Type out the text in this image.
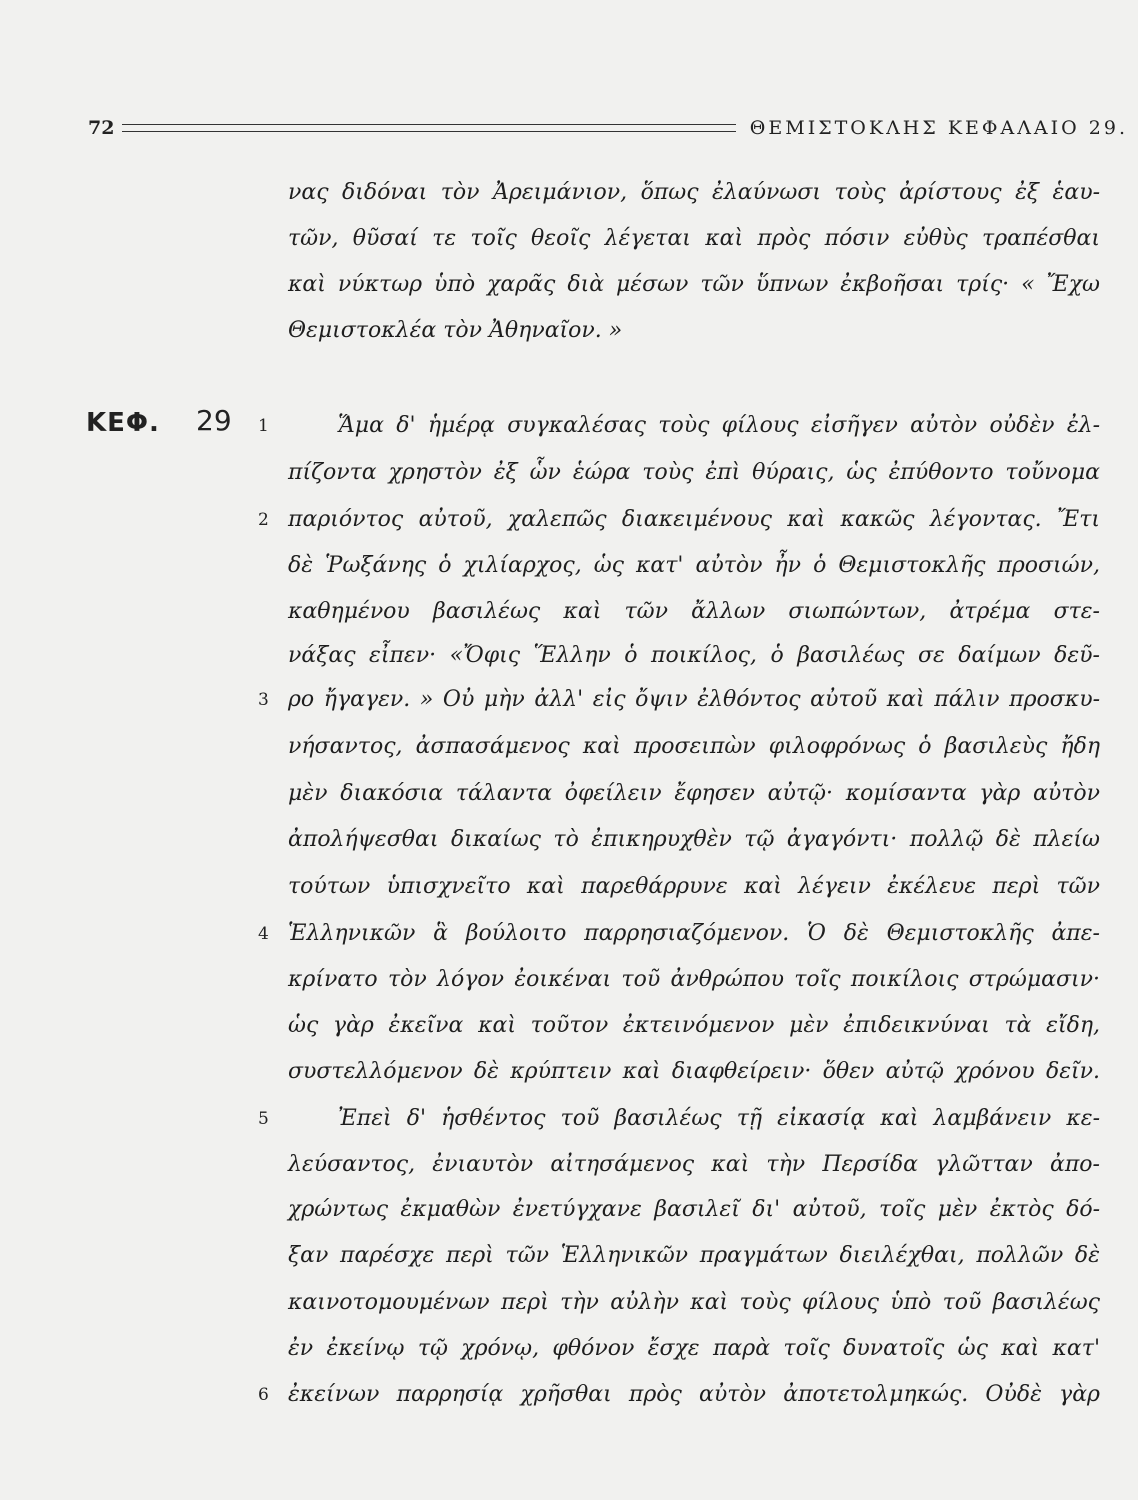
72	ΘΕΜΙΣΤΟΚΛΗΣ ΚΕΦΑΛΑΙΟ 29.
ΚΕΦ. 29 1
2
3
4
5
6
νας διδόναι τὸν Ἀρειμάνιον, ὅπως ἐλαύνωσι τοὺς ἀρίστους ἐξ ἑαυ-
τῶν, θῦσαί τε τοῖς θεοῖς λέγεται καὶ πρὸς πόσιν εὐθὺς τραπέσθαι
καὶ νύκτωρ ὑπὸ χαρᾶς διὰ μέσων τῶν ὕπνων ἐκβοῆσαι τρίς· « Ἔχω
Θεμιστοκλέα τὸν Ἀθηναῖον. »
Ἅμα δ' ἡμέρᾳ συγκαλέσας τοὺς φίλους εἰσῆγεν αὐτὸν οὐδὲν ἐλ-
πίζοντα χρηστὸν ἐξ ὧν ἑώρα τοὺς ἐπὶ θύραις, ὡς ἐπύθοντο τοὔνομα
παριόντος αὐτοῦ, χαλεπῶς διακειμένους καὶ κακῶς λέγοντας. Ἔτι
δὲ Ῥωξάνης ὁ χιλίαρχος, ὡς κατ' αὐτὸν ἦν ὁ Θεμιστοκλῆς προσιών,
καθημένου βασιλέως καὶ τῶν ἄλλων σιωπώντων, ἀτρέμα στε-
νάξας εἶπεν· «Ὄφις Ἕλλην ὁ ποικίλος, ὁ βασιλέως σε δαίμων δεῦ-
ρο ἤγαγεν. » Οὐ μὴν ἀλλ' εἰς ὄψιν ἐλθόντος αὐτοῦ καὶ πάλιν προσκυ-
νήσαντος, ἀσπασάμενος καὶ προσειπὼν φιλοφρόνως ὁ βασιλεὺς ἤδη
μὲν διακόσια τάλαντα ὀφείλειν ἔφησεν αὐτῷ· κομίσαντα γὰρ αὐτὸν
ἀπολήψεσθαι δικαίως τὸ ἐπικηρυχθὲν τῷ ἀγαγόντι· πολλῷ δὲ πλείω
τούτων ὑπισχνεῖτο καὶ παρεθάρρυνε καὶ λέγειν ἐκέλευε περὶ τῶν
Ἑλληνικῶν ἃ βούλοιτο παρρησιαζόμενον. Ὁ δὲ Θεμιστοκλῆς ἀπε-
κρίνατο τὸν λόγον ἐοικέναι τοῦ ἀνθρώπου τοῖς ποικίλοις στρώμασιν·
ὡς γὰρ ἐκεῖνα καὶ τοῦτον ἐκτεινόμενον μὲν ἐπιδεικνύναι τὰ εἴδη,
συστελλόμενον δὲ κρύπτειν καὶ διαφθείρειν· ὅθεν αὐτῷ χρόνου δεῖν.
Ἐπεὶ δ' ἡσθέντος τοῦ βασιλέως τῇ εἰκασίᾳ καὶ λαμβάνειν κε-
λεύσαντος, ἐνιαυτὸν αἰτησάμενος καὶ τὴν Περσίδα γλῶτταν ἀπο-
χρώντως ἐκμαθὼν ἐνετύγχανε βασιλεῖ δι' αὐτοῦ, τοῖς μὲν ἐκτὸς δό-
ξαν παρέσχε περὶ τῶν Ἑλληνικῶν πραγμάτων διειλέχθαι, πολλῶν δὲ
καινοτομουμένων περὶ τὴν αὐλὴν καὶ τοὺς φίλους ὑπὸ τοῦ βασιλέως
ἐν ἐκείνῳ τῷ χρόνῳ, φθόνον ἔσχε παρὰ τοῖς δυνατοῖς ὡς καὶ κατ'
ἐκείνων παρρησίᾳ χρῆσθαι πρὸς αὐτὸν ἀποτετολμηκώς. Οὐδὲ γὰρ
